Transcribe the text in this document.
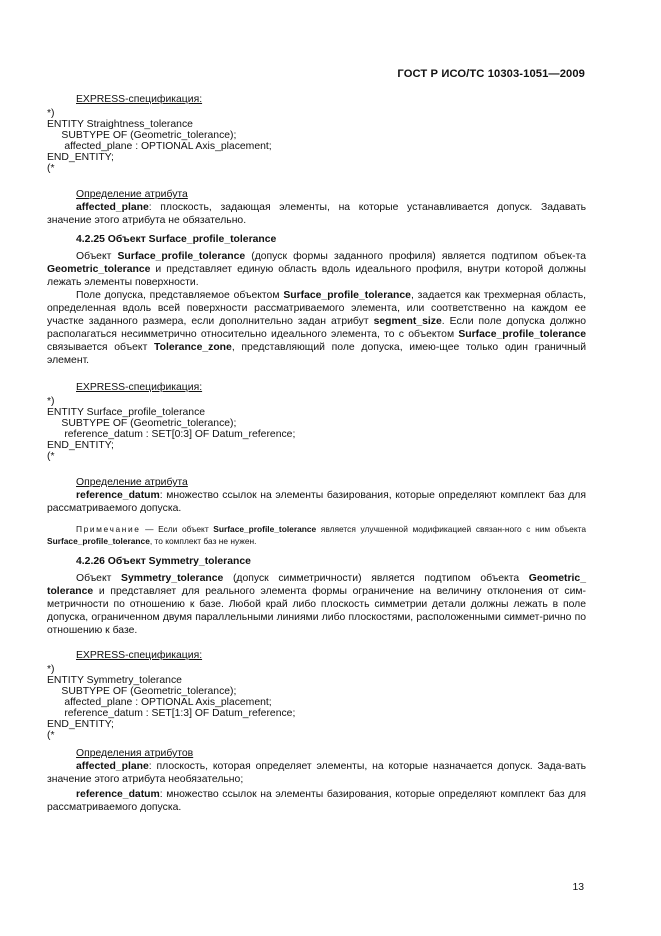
ГОСТ Р ИСО/ТС 10303-1051—2009
EXPRESS-спецификация:
*)
ENTITY Straightness_tolerance
SUBTYPE OF (Geometric_tolerance);
affected_plane : OPTIONAL Axis_placement;
END_ENTITY;
(*
Определение атрибута

affected_plane: плоскость, задающая элементы, на которые устанавливается допуск. Задавать значение этого атрибута не обязательно.

4.2.25 Объект Surface_profile_tolerance

Объект Surface_profile_tolerance (допуск формы заданного профиля) является подтипом объек-та Geometric_tolerance и представляет единую область вдоль идеального профиля, внутри которой должны лежать элементы поверхности.

Поле допуска, представляемое объектом Surface_profile_tolerance, задается как трехмерная область, определенная вдоль всей поверхности рассматриваемого элемента, или соответственно на каждом ее участке заданного размера, если дополнительно задан атрибут segment_size. Если поле допуска должно располагаться несимметрично относительно идеального элемента, то с объектом Surface_profile_tolerance связывается объект Tolerance_zone, представляющий поле допуска, имею-щее только один граничный элемент.

EXPRESS-спецификация:
*)
ENTITY Surface_profile_tolerance
SUBTYPE OF (Geometric_tolerance);
reference_datum : SET[0:3] OF Datum_reference;
END_ENTITY;
(*
Определение атрибута

reference_datum: множество ссылок на элементы базирования, которые определяют комплект баз для рассматриваемого допуска.

Примечание — Если объект Surface_profile_tolerance является улучшенной модификацией связан-ного с ним объекта Surface_profile_tolerance, то комплект баз не нужен.

4.2.26 Объект Symmetry_tolerance

Объект Symmetry_tolerance (допуск симметричности) является подтипом объекта Geometric_ tolerance и представляет для реального элемента формы ограничение на величину отклонения от сим-метричности по отношению к базе. Любой край либо плоскость симметрии детали должны лежать в поле допуска, ограниченном двумя параллельными линиями либо плоскостями, расположенными симмет-рично по отношению к базе.

EXPRESS-спецификация:
*)
ENTITY Symmetry_tolerance
SUBTYPE OF (Geometric_tolerance);
affected_plane : OPTIONAL Axis_placement;
reference_datum : SET[1:3] OF Datum_reference;
END_ENTITY;
(*
Определения атрибутов

affected_plane: плоскость, которая определяет элементы, на которые назначается допуск. Зада-вать значение этого атрибута необязательно;

reference_datum: множество ссылок на элементы базирования, которые определяют комплект баз для рассматриваемого допуска.

13
